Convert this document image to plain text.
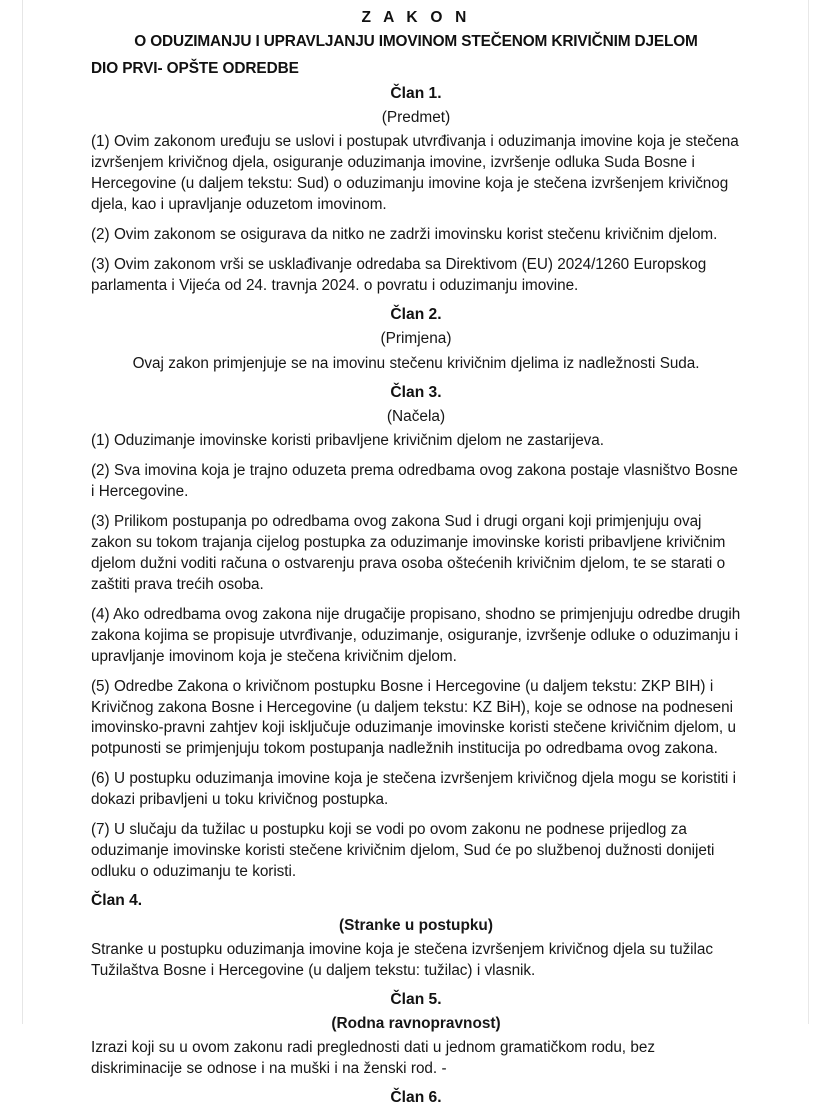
Z A K O N
O ODUZIMANJU I UPRAVLJANJU IMOVINOM STEČENOM KRIVIČNIM DJELOM
DIO PRVI- OPŠTE ODREDBE
Član 1.
(Predmet)

(1) Ovim zakonom uređuju se uslovi i postupak utvrđivanja i oduzimanja imovine koja je stečena izvršenjem krivičnog djela, osiguranje oduzimanja imovine, izvršenje odluka Suda Bosne i Hercegovine (u daljem tekstu: Sud) o oduzimanju imovine koja je stečena izvršenjem krivičnog djela, kao i upravljanje oduzetom imovinom.

(2) Ovim zakonom se osigurava da nitko ne zadrži imovinsku korist stečenu krivičnim djelom.

(3) Ovim zakonom vrši se usklađivanje odredaba sa Direktivom (EU) 2024/1260 Europskog parlamenta i Vijeća od 24. travnja 2024. o povratu i oduzimanju imovine.

Član 2.
(Primjena)

Ovaj zakon primjenjuje se na imovinu stečenu krivičnim djelima iz nadležnosti Suda.

Član 3.
(Načela)

(1) Oduzimanje imovinske koristi pribavljene krivičnim djelom ne zastarijeva.

(2) Sva imovina koja je trajno oduzeta prema odredbama ovog zakona postaje vlasništvo Bosne i Hercegovine.

(3) Prilikom postupanja po odredbama ovog zakona Sud i drugi organi koji primjenjuju ovaj zakon su tokom trajanja cijelog postupka za oduzimanje imovinske koristi pribavljene krivičnim djelom dužni voditi računa o ostvarenju prava osoba oštećenih krivičnim djelom, te se starati o zaštiti prava trećih osoba.

(4) Ako odredbama ovog zakona nije drugačije propisano, shodno se primjenjuju odredbe drugih zakona kojima se propisuje utvrđivanje, oduzimanje, osiguranje, izvršenje odluke o oduzimanju i upravljanje imovinom koja je stečena krivičnim djelom.

(5) Odredbe Zakona o krivičnom postupku Bosne i Hercegovine (u daljem tekstu: ZKP BIH) i Krivičnog zakona Bosne i Hercegovine (u daljem tekstu: KZ BiH), koje se odnose na podneseni imovinsko-pravni zahtjev koji isključuje oduzimanje imovinske koristi stečene krivičnim djelom, u potpunosti se primjenjuju tokom postupanja nadležnih institucija po odredbama ovog zakona.

(6) U postupku oduzimanja imovine koja je stečena izvršenjem krivičnog djela mogu se koristiti i dokazi pribavljeni u toku krivičnog postupka.

(7) U slučaju da tužilac u postupku koji se vodi po ovom zakonu ne podnese prijedlog za oduzimanje imovinske koristi stečene krivičnim djelom, Sud će po službenoj dužnosti donijeti odluku o oduzimanju te koristi.

Član 4.
(Stranke u postupku)

Stranke u postupku oduzimanja imovine koja je stečena izvršenjem krivičnog djela su tužilac Tužilaštva Bosne i Hercegovine (u daljem tekstu: tužilac) i vlasnik.

Član 5.
(Rodna ravnopravnost)

Izrazi koji su u ovom zakonu radi preglednosti dati u jednom gramatičkom rodu, bez diskriminacije se odnose i na muški i na ženski rod. -

Član 6.
